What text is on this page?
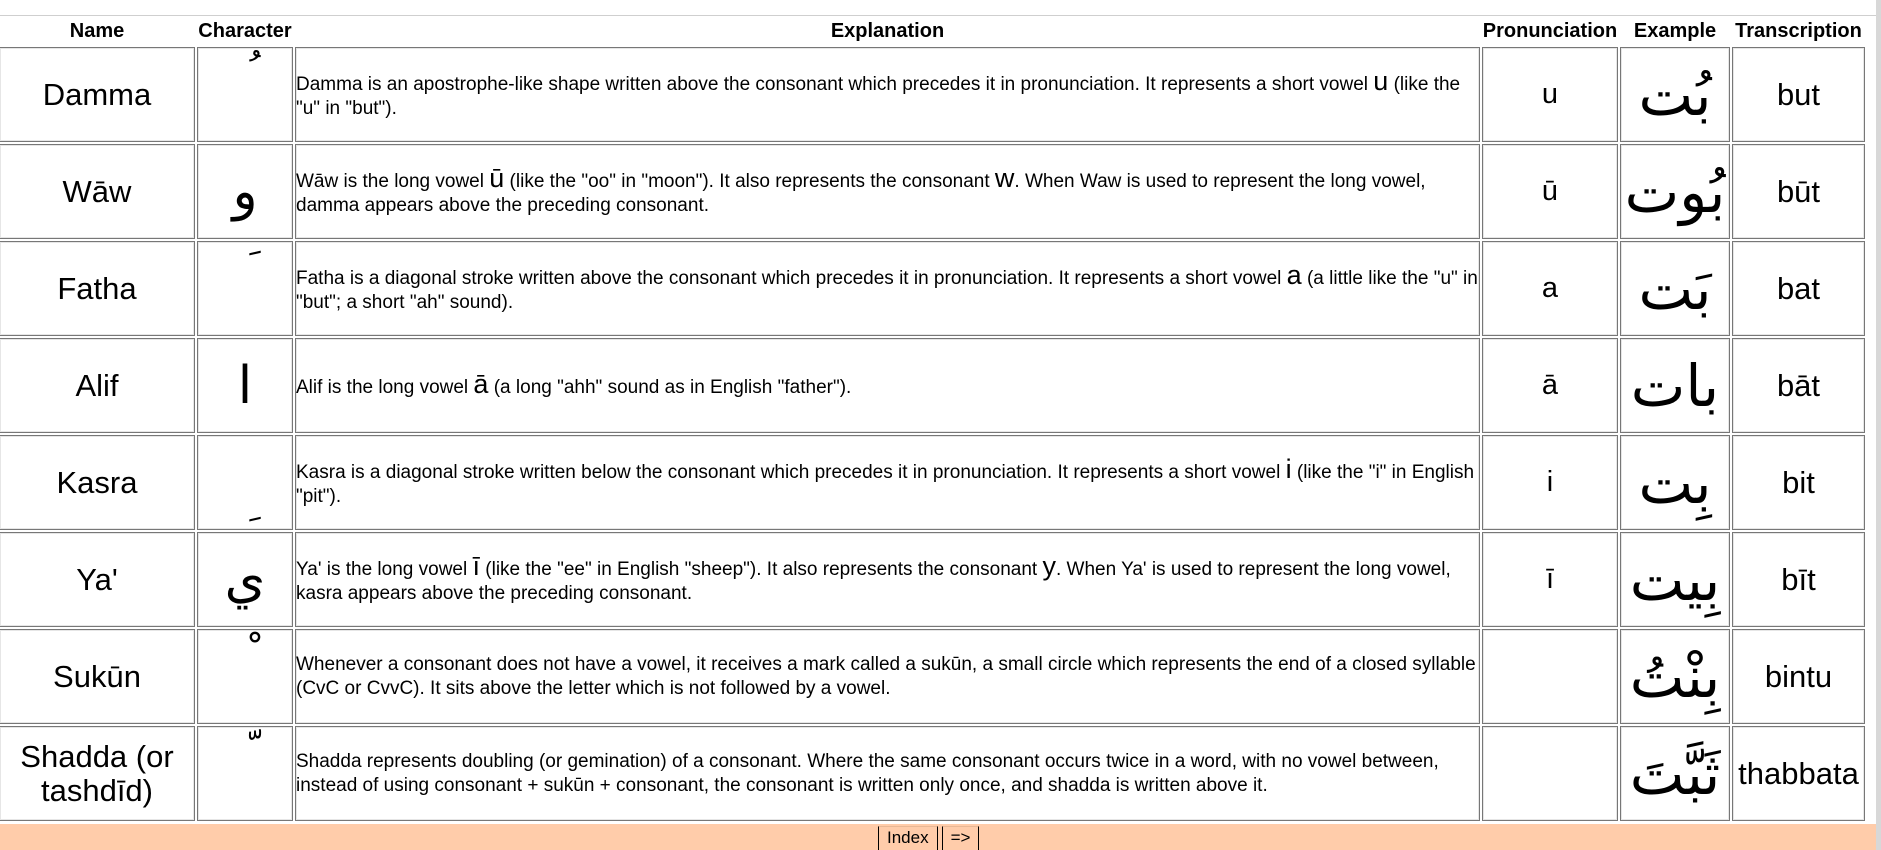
Name	Character	Explanation	Pronunciation	Example	Transcription
Damma		Damma is an apostrophe-like shape written above the consonant which precedes it in pronunciation. It represents a short vowel u (like the "u" in "but").	u	بُت	but
Wāw	و	Wāw is the long vowel ū (like the "oo" in "moon"). It also represents the consonant w. When Waw is used to represent the long vowel, damma appears above the preceding consonant.	ū	بُوت	būt
Fatha		Fatha is a diagonal stroke written above the consonant which precedes it in pronunciation. It represents a short vowel a (a little like the "u" in "but"; a short "ah" sound).	a	بَت	bat
Alif	ا	Alif is the long vowel ā (a long "ahh" sound as in English "father").	ā	بات	bāt
Kasra		Kasra is a diagonal stroke written below the consonant which precedes it in pronunciation. It represents a short vowel i (like the "i" in English "pit").	i	بِت	bit
Ya'	ي	Ya' is the long vowel ī (like the "ee" in English "sheep"). It also represents the consonant y. When Ya' is used to represent the long vowel, kasra appears above the preceding consonant.	ī	بِيت	bīt
Sukūn		Whenever a consonant does not have a vowel, it receives a mark called a sukūn, a small circle which represents the end of a closed syllable (CvC or CvvC). It sits above the letter which is not followed by a vowel.		بِنْتُ	bintu
Shadda (or tashdīd)		Shadda represents doubling (or gemination) of a consonant. Where the same consonant occurs twice in a word, with no vowel between, instead of using consonant + sukūn + consonant, the consonant is written only once, and shadda is written above it.		ثَبَّتَ	thabbata
Index	=>
